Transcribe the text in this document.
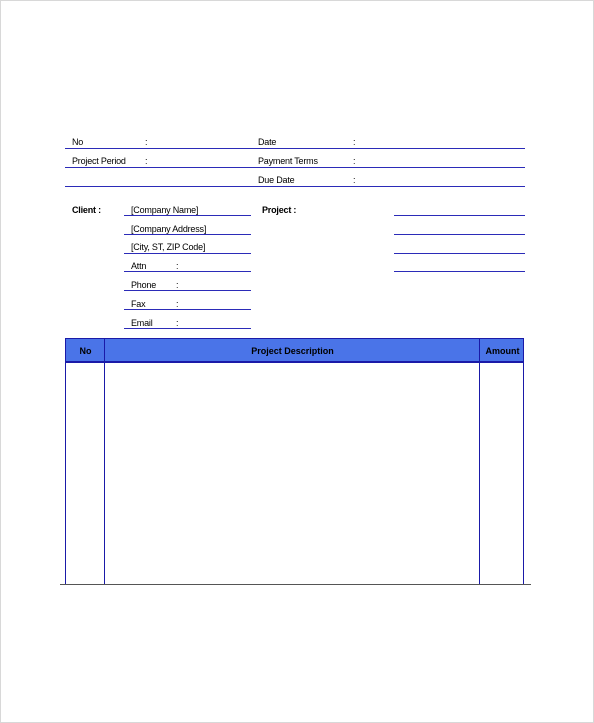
No	:	Date	:
Project Period :	Payment Terms	:
Due Date	:
Client :	[Company Name]	Project :
[Company Address]
[City, ST, ZIP Code]
Attn	:
Phone :
Fax	:
Email	:
No	Project Description	Amount
